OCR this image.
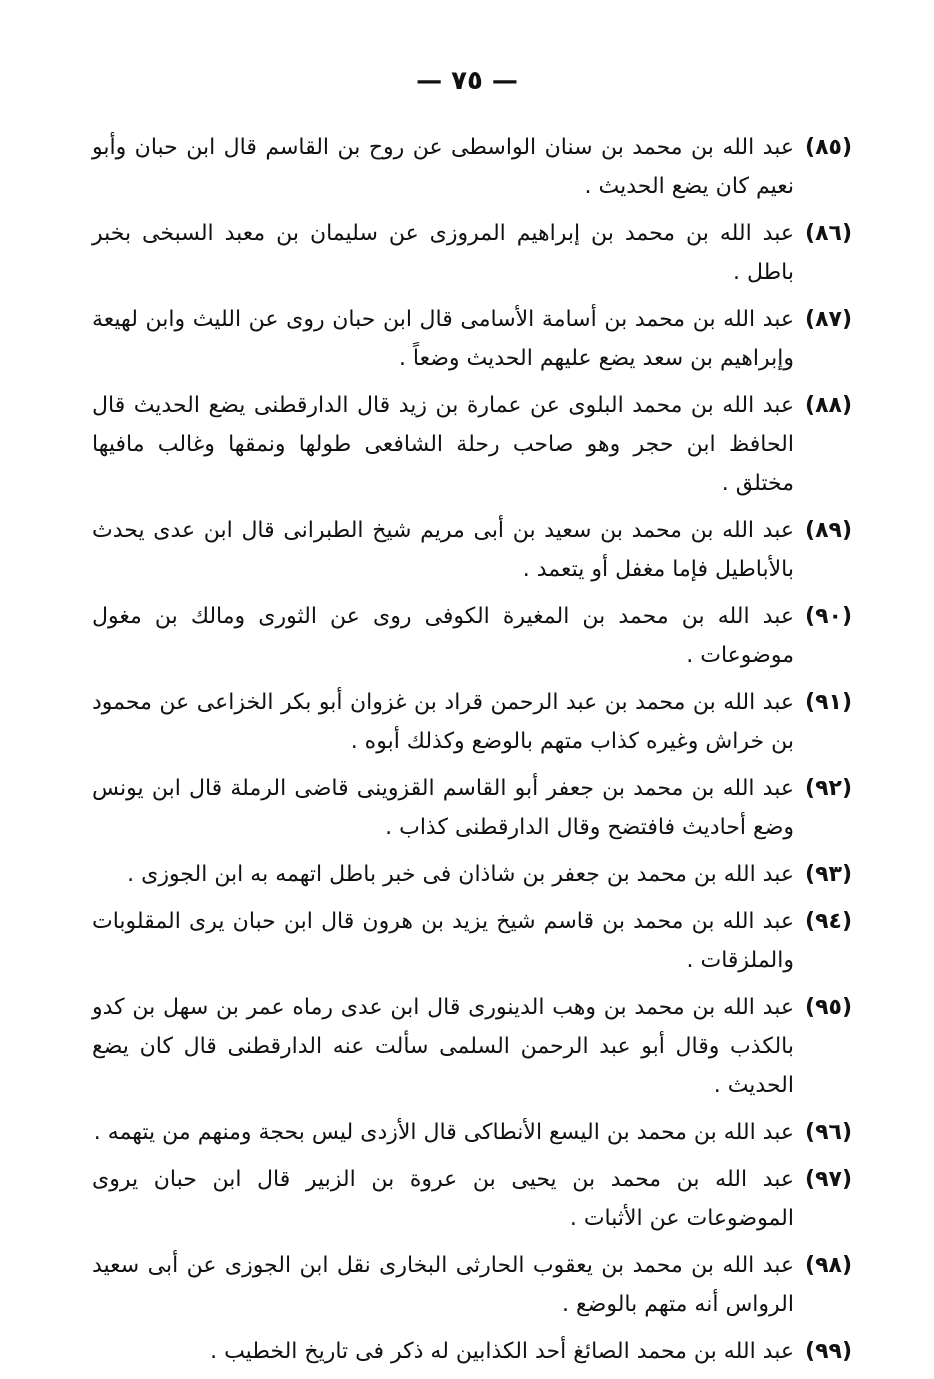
— ٧٥ —
(٨٥)
عبد الله بن محمد بن سنان الواسطى عن روح بن القاسم قال ابن حبان وأبو نعيم كان يضع الحديث .
(٨٦)
عبد الله بن محمد بن إبراهيم المروزى عن سليمان بن معبد السبخى بخبر باطل .
(٨٧)
عبد الله بن محمد بن أسامة الأسامى قال ابن حبان روى عن الليث وابن لهيعة وإبراهيم بن سعد يضع عليهم الحديث وضعاً .
(٨٨)
عبد الله بن محمد البلوى عن عمارة بن زيد قال الدارقطنى يضع الحديث قال الحافظ ابن حجر وهو صاحب رحلة الشافعى طولها ونمقها وغالب مافيها مختلق .
(٨٩)
عبد الله بن محمد بن سعيد بن أبى مريم شيخ الطبرانى قال ابن عدى يحدث بالأباطيل فإما مغفل أو يتعمد .
(٩٠)
عبد الله بن محمد بن المغيرة الكوفى روى عن الثورى ومالك بن مغول موضوعات .
(٩١)
عبد الله بن محمد بن عبد الرحمن قراد بن غزوان أبو بكر الخزاعى عن محمود بن خراش وغيره كذاب متهم بالوضع وكذلك أبوه .
(٩٢)
عبد الله بن محمد بن جعفر أبو القاسم القزوينى قاضى الرملة قال ابن يونس وضع أحاديث فافتضح وقال الدارقطنى كذاب .
(٩٣)
عبد الله بن محمد بن جعفر بن شاذان فى خبر باطل اتهمه به ابن الجوزى .
(٩٤)
عبد الله بن محمد بن قاسم شيخ يزيد بن هرون قال ابن حبان يرى المقلوبات والملزقات .
(٩٥)
عبد الله بن محمد بن وهب الدينورى قال ابن عدى رماه عمر بن سهل بن كدو بالكذب وقال أبو عبد الرحمن السلمى سألت عنه الدارقطنى قال كان يضع الحديث .
(٩٦)
عبد الله بن محمد بن اليسع الأنطاكى قال الأزدى ليس بحجة ومنهم من يتهمه .
(٩٧)
عبد الله بن محمد بن يحيى بن عروة بن الزبير قال ابن حبان يروى الموضوعات عن الأثبات .
(٩٨)
عبد الله بن محمد بن يعقوب الحارثى البخارى نقل ابن الجوزى عن أبى سعيد الرواس أنه متهم بالوضع .
(٩٩)
عبد الله بن محمد الصائغ أحد الكذابين له ذكر فى تاريخ الخطيب .
